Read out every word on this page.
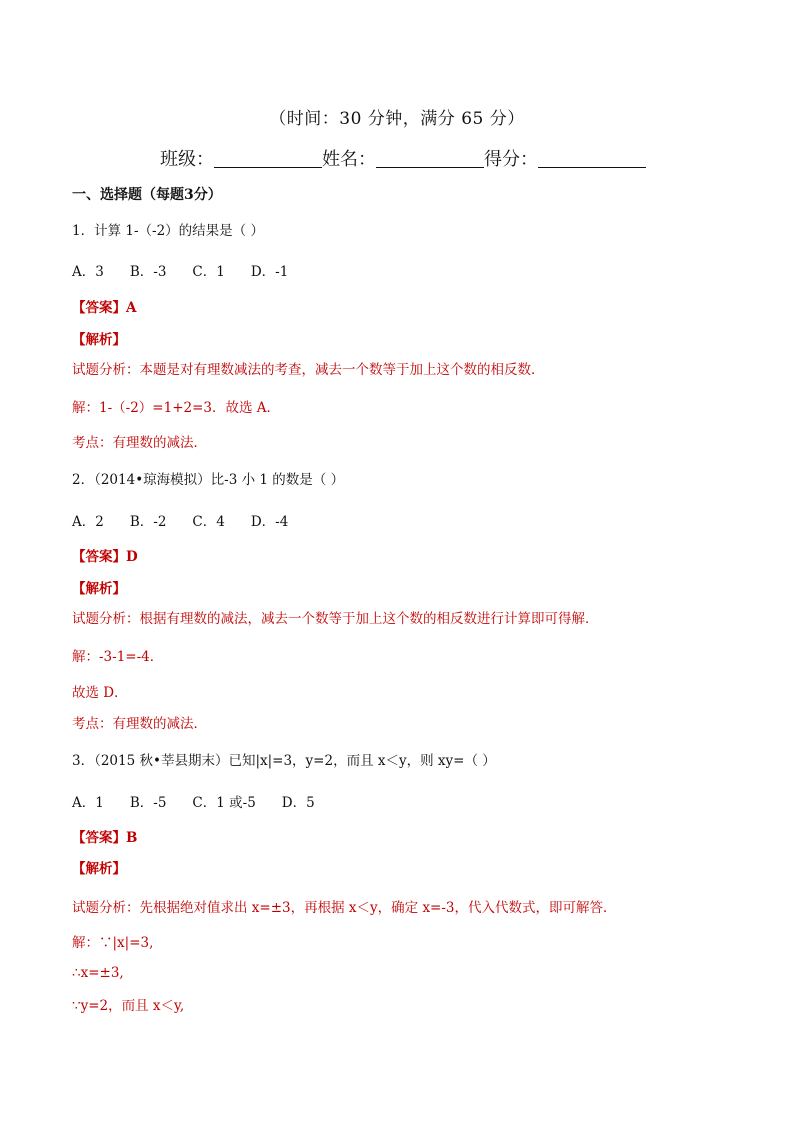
（时间：30 分钟，满分 65 分）
班级：	姓名：	得分：
一、选择题（每题3分）
1．计算 1-（-2）的结果是（ ）
A．3 B．-3 C．1 D．-1
【答案】A
【解析】
试题分析：本题是对有理数减法的考查，减去一个数等于加上这个数的相反数．
解：1-（-2）=1+2=3．故选 A．
考点：有理数的减法．
2．（2014•琼海模拟）比-3 小 1 的数是（ ）
A．2 B．-2 C．4 D．-4
【答案】D
【解析】
试题分析：根据有理数的减法，减去一个数等于加上这个数的相反数进行计算即可得解．
解：-3-1=-4．
故选 D．
考点：有理数的减法．
3．（2015 秋•莘县期末）已知|x|=3，y=2，而且 x＜y，则 xy=（ ）
A．1 B．-5 C．1 或-5 D．5
【答案】B
【解析】
试题分析：先根据绝对值求出 x=±3，再根据 x＜y，确定 x=-3，代入代数式，即可解答．
解：∵|x|=3,
∴x=±3,
∵y=2，而且 x＜y,
